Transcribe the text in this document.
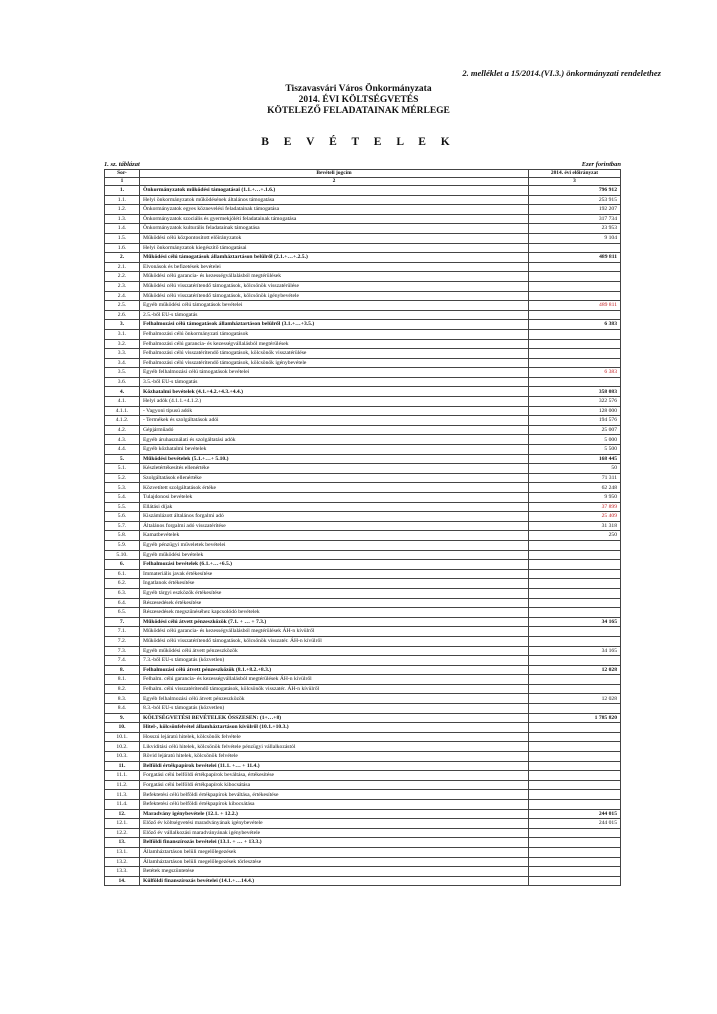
2. melléklet a 15/2014.(VI.3.) önkormányzati rendelethez
Tiszavasvári Város Önkormányzata
2014. ÉVI KÖLTSÉGVETÉS
KÖTELEZŐ FELADATAINAK MÉRLEGE
B E V É T E L E K
1. sz. táblázat	Ezer forintban
Sor-	Bevételi jogcím	2014. évi előirányzat
1	2	3
1.	Önkormányzatok működési támogatásai (1.1.+…+.1.6.)	796 912
1.1.	Helyi önkormányzatok működésének általános támogatása	253 915
1.2.	Önkormányzatok egyes köznevelési feladatainak támogatása	192 207
1.3.	Önkormányzatok szociális és gyermekjóléti feladatainak támogatása	317 734
1.4.	Önkormányzatok kulturális feladatainak támogatása	23 953
1.5.	Működési célú központosított előirányzatok	9 104
1.6.	Helyi önkormányzatok kiegészítő támogatásai	
2.	Működési célú támogatások államháztartáson belülről (2.1.+…+.2.5.)	489 811
2.1.	Elvonások és befizetések bevételei	
2.2.	Működési célú garancia- és kezességvállalásból megtérülések	
2.3.	Működési célú visszatérítendő támogatások, kölcsönök visszatérülése	
2.4.	Működési célú visszatérítendő támogatások, kölcsönök igénybevétele	
2.5.	Egyéb működési célú támogatások bevételei	489 811
2.6.	2.5.-ből EU-s támogatás	
3.	Felhalmozási célú támogatások államháztartáson belülről (3.1.+…+3.5.)	6 383
3.1.	Felhalmozási célú önkormányzati támogatások	
3.2.	Felhalmozási célú garancia- és kezességvállalásból megtérülések	
3.3.	Felhalmozási célú visszatérítendő támogatások, kölcsönök visszatérülése	
3.4.	Felhalmozási célú visszatérítendő támogatások, kölcsönök igénybevétele	
3.5.	Egyéb felhalmozási célú támogatások bevételei	6 383
3.6.	3.5.-ből EU-s támogatás	
4.	Közhatalmi bevételek (4.1.+4.2.+4.3.+4.4.)	358 083
4.1.	Helyi adók (4.1.1.+4.1.2.)	322 576
4.1.1.	- Vagyoni típusú adók	128 000
4.1.2.	- Termékek és szolgáltatások adói	194 576
4.2.	Gépjárműadó	25 007
4.3.	Egyéb áruhasználati és szolgáltatási adók	5 000
4.4.	Egyéb közhatalmi bevételek	5 500
5.	Működési bevételek (5.1.+…+ 5.10.)	168 445
5.1.	Készletértékesítés ellenértéke	50
5.2.	Szolgáltatások ellenértéke	71 311
5.3.	Közvetített szolgáltatások értéke	62 248
5.4.	Tulajdonosi bevételek	9 950
5.5.	Ellátási díjak	37 899
5.6.	Kiszámlázott általános forgalmi adó	25 409
5.7.	Általános forgalmi adó visszatérítése	31 318
5.8.	Kamatbevételek	250
5.9.	Egyéb pénzügyi műveletek bevételei	
5.10.	Egyéb működési bevételek	
6.	Felhalmozási bevételek (6.1.+…+6.5.)	
6.1.	Immateriális javak értékesítése	
6.2.	Ingatlanok értékesítése	
6.3.	Egyéb tárgyi eszközök értékesítése	
6.4.	Részesedések értékesítése	
6.5.	Részesedések megszűnéséhez kapcsolódó bevételek	
7.	Működési célú átvett pénzeszközök (7.1. + … + 7.3.)	34 165
7.1.	Működési célú garancia- és kezességvállalásból megtérülések ÁH-n kívülről	
7.2.	Működési célú visszatérítendő támogatások, kölcsönök visszatér. ÁH-n kívülről	
7.3.	Egyéb működési célú átvett pénzeszközök	34 165
7.4.	7.3.-ből EU-s támogatás (közvetlen)	
8.	Felhalmozási célú átvett pénzeszközök (8.1.+8.2.+8.3.)	12 028
8.1.	Felhalm. célú garancia- és kezességvállalásból megtérülések ÁH-n kívülről	
8.2.	Felhalm. célú visszatérítendő támogatások, kölcsönök visszatér. ÁH-n kívülről	
8.3.	Egyéb felhalmozási célú átvett pénzeszközök	12 028
8.4.	8.3.-ból EU-s támogatás (közvetlen)	
9.	KÖLTSÉGVETÉSI BEVÉTELEK ÖSSZESEN: (1+…+8)	1 785 820
10.	Hitel-, kölcsönfelvétel államháztartáson kívülről (10.1.+10.3.)	
10.1.	Hosszú lejáratú hitelek, kölcsönök felvétele	
10.2.	Likviditási célú hitelek, kölcsönök felvétele pénzügyi vállalkozástól	
10.3.	Rövid lejáratú hitelek, kölcsönök felvétele	
11.	Belföldi értékpapírok bevételei (11.1. +… + 11.4.)	
11.1.	Forgatási célú belföldi értékpapírok beváltása, értékesítése	
11.2.	Forgatási célú belföldi értékpapírok kibocsátása	
11.3.	Befektetési célú belföldi értékpapírok beváltása, értékesítése	
11.4.	Befektetési célú belföldi értékpapírok kibocsátása	
12.	Maradvány igénybevétele (12.1. + 12.2.)	244 015
12.1.	Előző év költségvetési maradványának igénybevétele	244 015
12.2.	Előző év vállalkozási maradványának igénybevétele	
13.	Belföldi finanszírozás bevételei (13.1. + … + 13.3.)	
13.1.	Államháztartáson belüli megelőlegezések	
13.2.	Államháztartáson belüli megelőlegezések törlesztése	
13.3.	Betétek megszüntetése	
14.	Külföldi finanszírozás bevételei (14.1.+…14.4.)	
